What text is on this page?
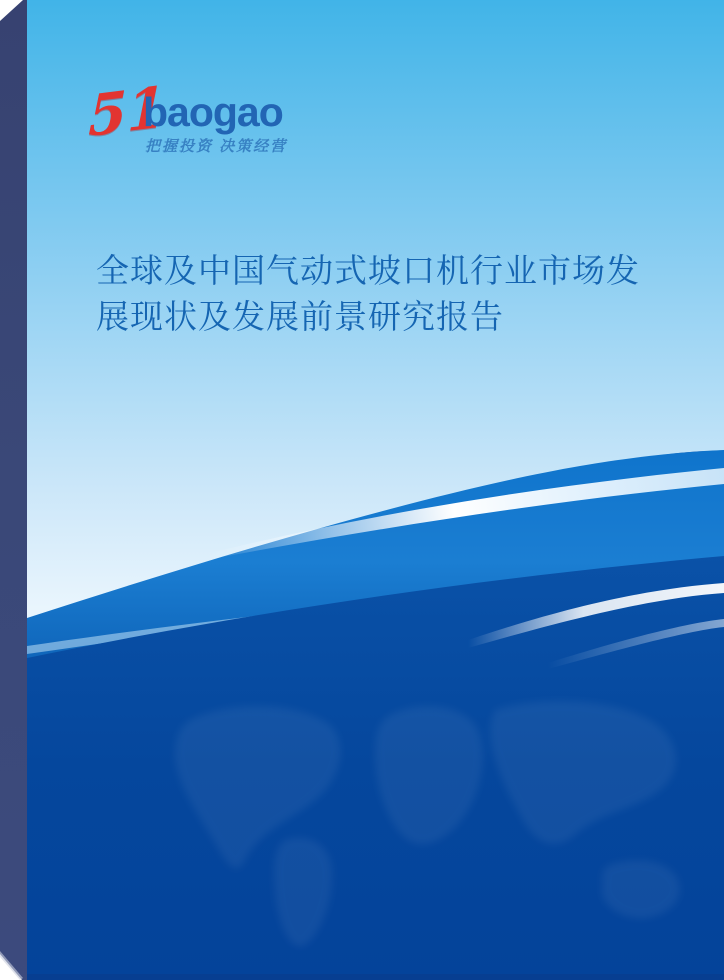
51
baogao
把握投资 决策经营
全球及中国气动式坡口机行业市场发展现状及发展前景研究报告
